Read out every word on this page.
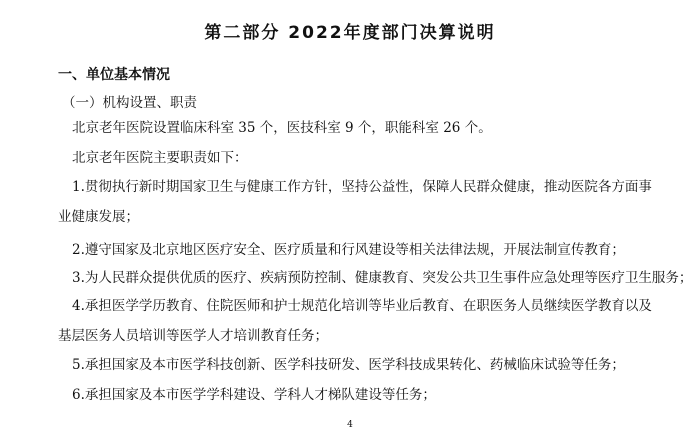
第二部分 2022年度部门决算说明
一、单位基本情况
（一）机构设置、职责
北京老年医院设置临床科室 35 个，医技科室 9 个，职能科室 26 个。
北京老年医院主要职责如下：
1.贯彻执行新时期国家卫生与健康工作方针，坚持公益性，保障人民群众健康，推动医院各方面事业健康发展；
2.遵守国家及北京地区医疗安全、医疗质量和行风建设等相关法律法规，开展法制宣传教育；
3.为人民群众提供优质的医疗、疾病预防控制、健康教育、突发公共卫生事件应急处理等医疗卫生服务；
4.承担医学学历教育、住院医师和护士规范化培训等毕业后教育、在职医务人员继续医学教育以及基层医务人员培训等医学人才培训教育任务；
5.承担国家及本市医学科技创新、医学科技研发、医学科技成果转化、药械临床试验等任务；
6.承担国家及本市医学学科建设、学科人才梯队建设等任务；
4
